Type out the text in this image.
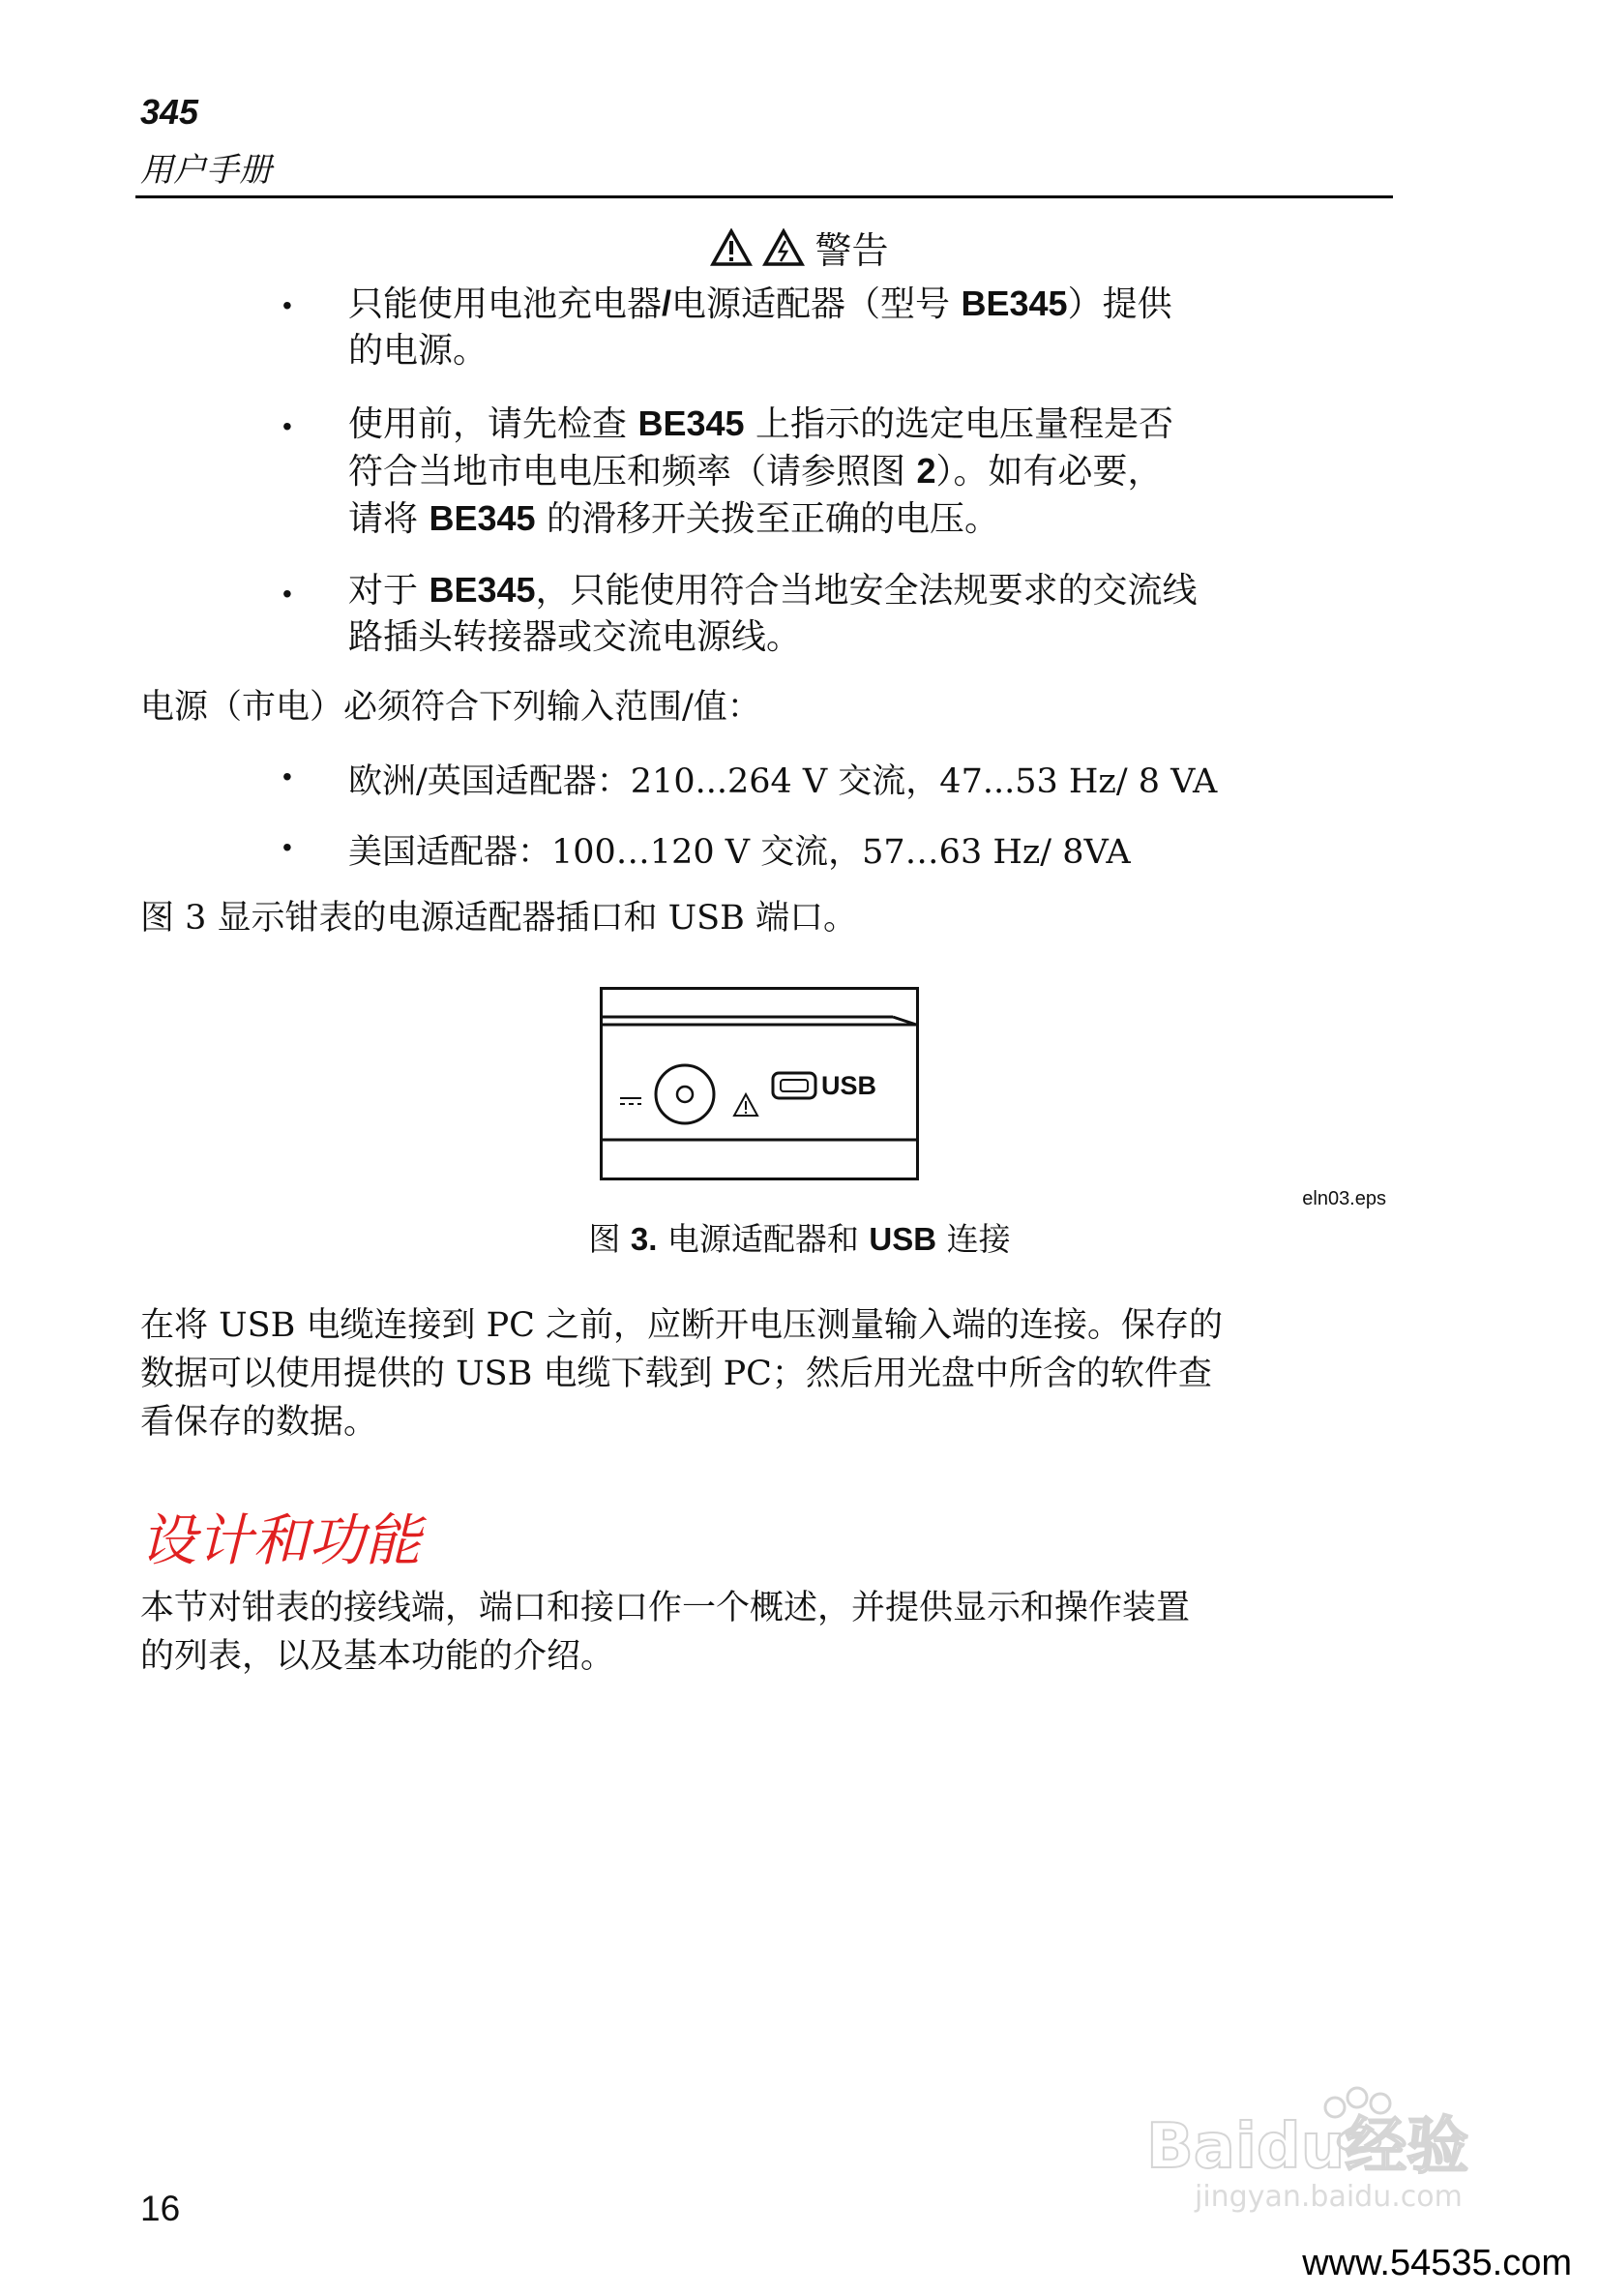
345
用户手册
警告
• 只能使用电池充电器/电源适配器（型号 BE345）提供
的电源。
• 使用前，请先检查 BE345 上指示的选定电压量程是否
符合当地市电电压和频率（请参照图 2）。如有必要，
请将 BE345 的滑移开关拨至正确的电压。
• 对于 BE345，只能使用符合当地安全法规要求的交流线
路插头转接器或交流电源线。
电源（市电）必须符合下列输入范围/值：
• 欧洲/英国适配器：210...264 V 交流，47...53 Hz/ 8 VA
• 美国适配器：100…120 V 交流，57…63 Hz/ 8VA
图 3 显示钳表的电源适配器插口和 USB 端口。
USB
eln03.eps
图 3. 电源适配器和 USB 连接
在将 USB 电缆连接到 PC 之前，应断开电压测量输入端的连接。保存的
数据可以使用提供的 USB 电缆下载到 PC；然后用光盘中所含的软件查
看保存的数据。
设计和功能
本节对钳表的接线端，端口和接口作一个概述，并提供显示和操作装置
的列表，以及基本功能的介绍。
16
Baidu经验
jingyan.baidu.com
www.54535.com
